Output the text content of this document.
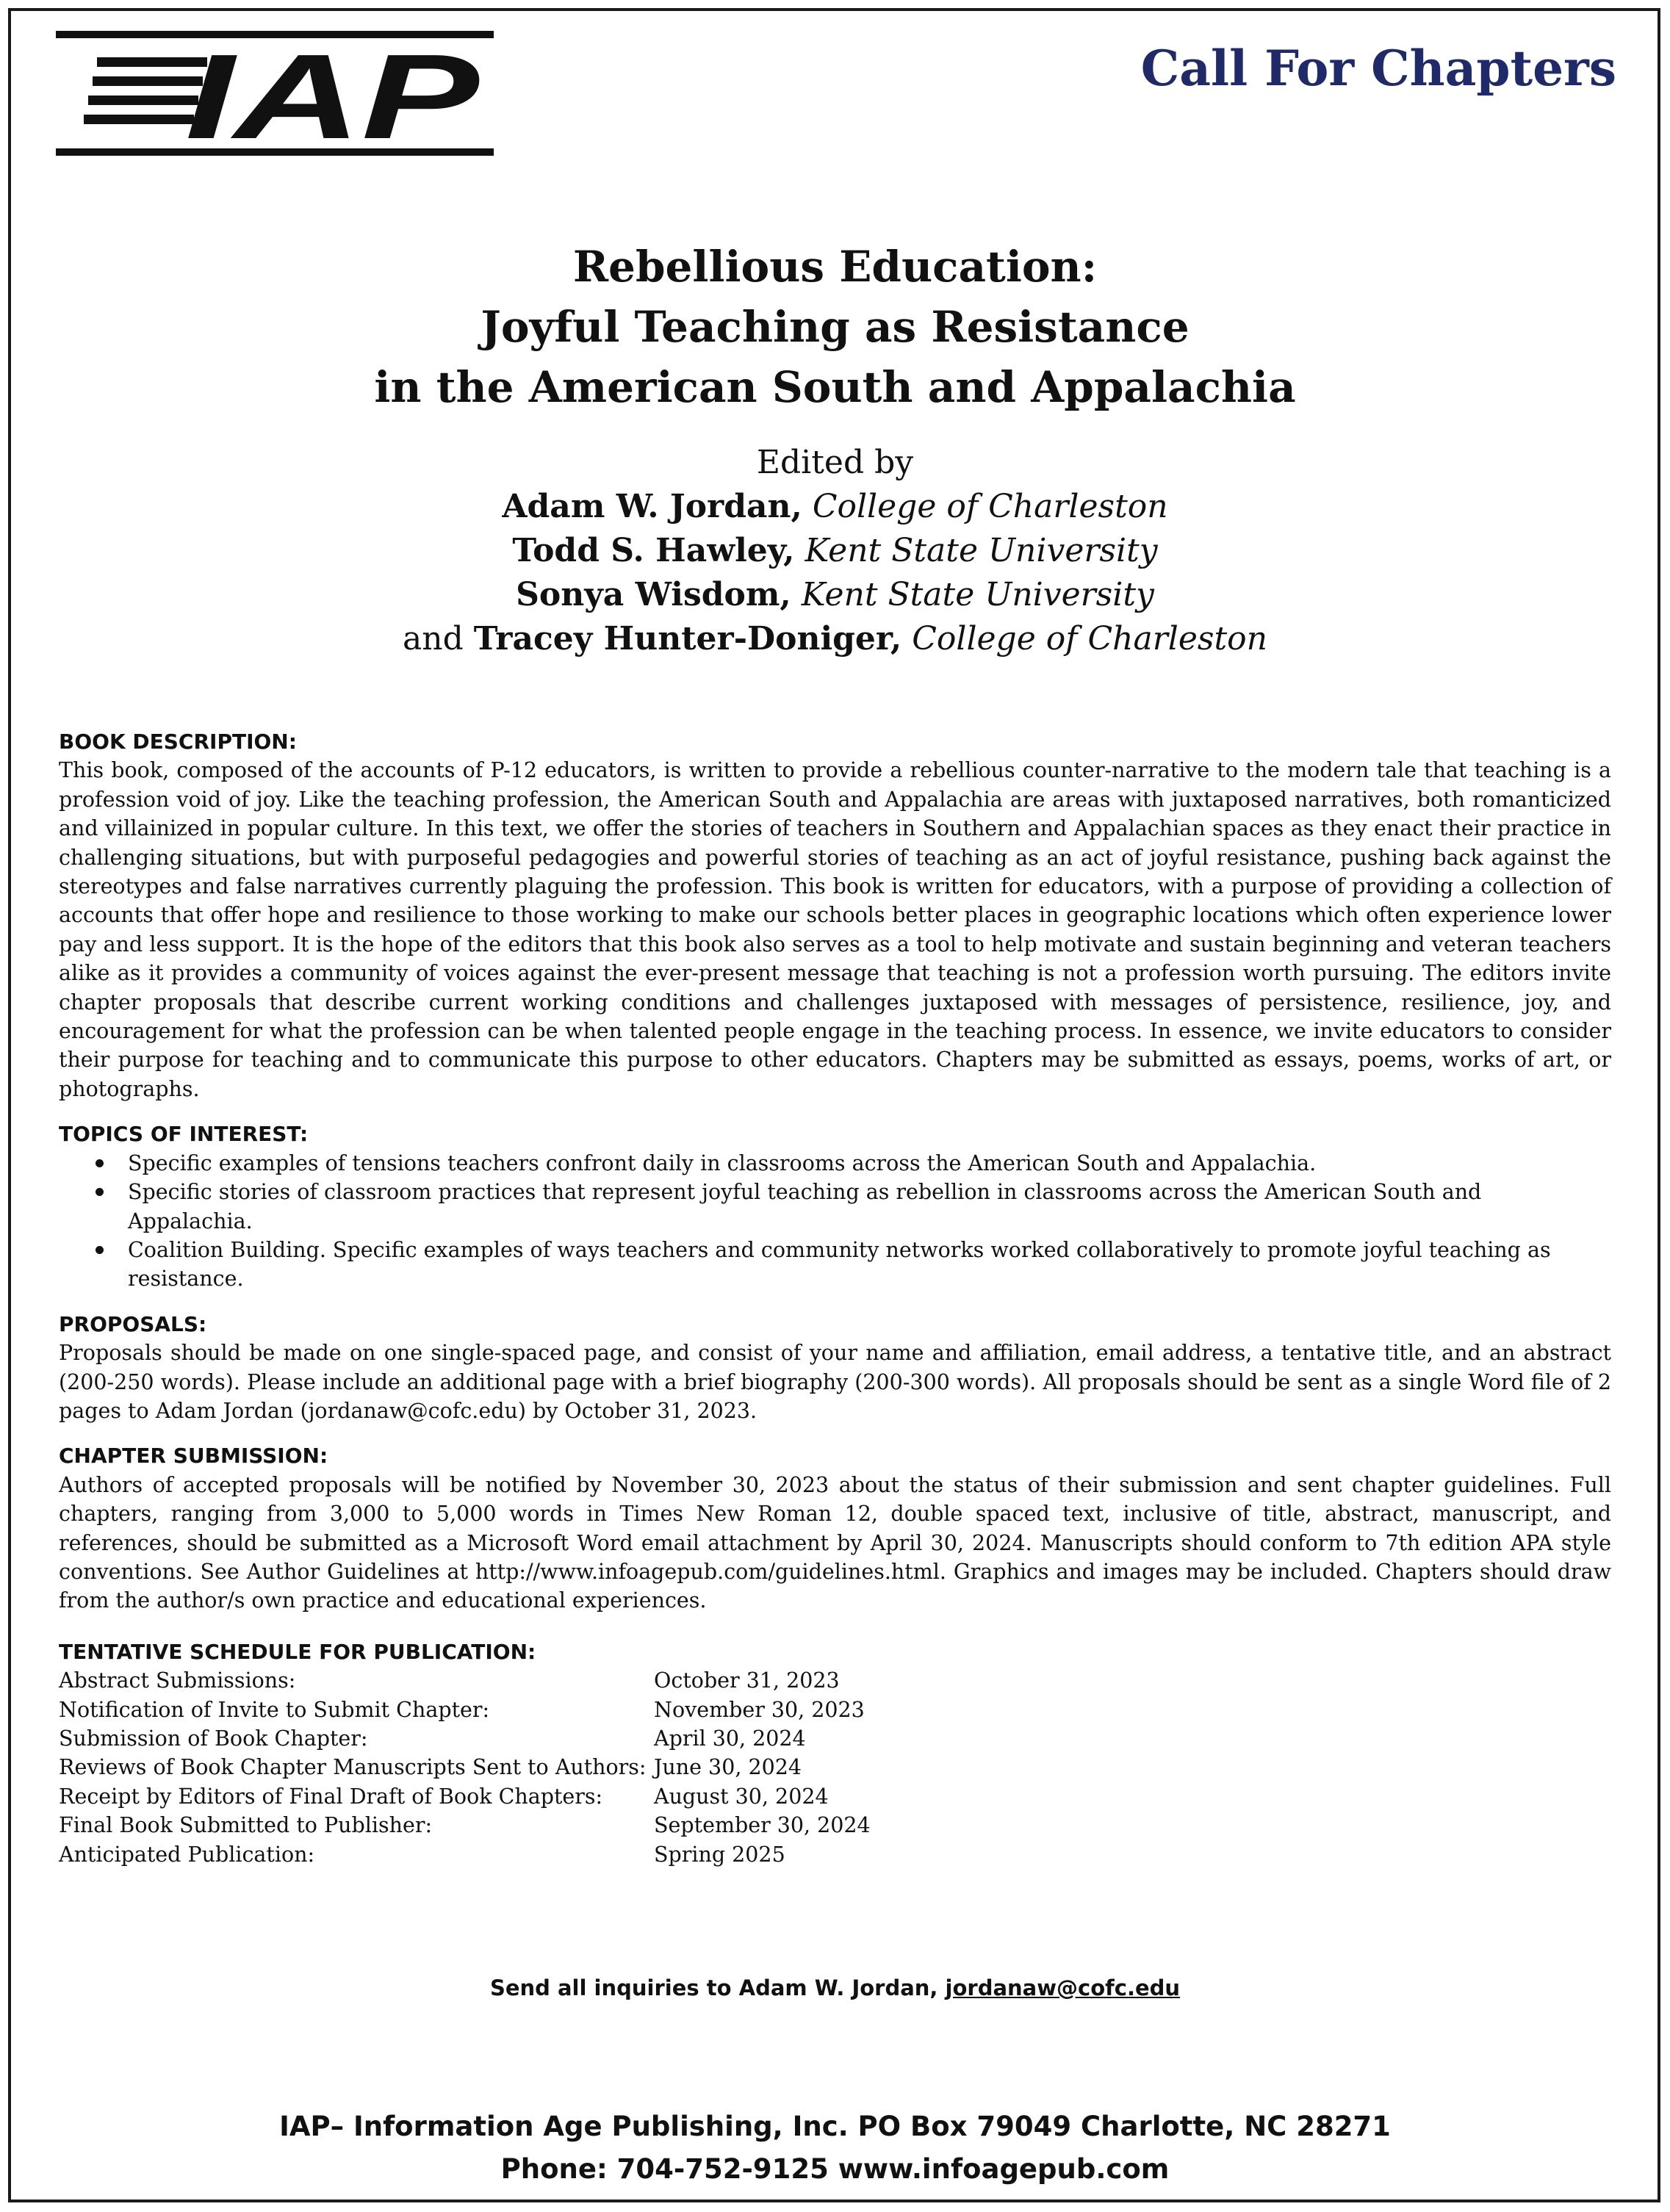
IAP	Call For Chapters
Rebellious Education:
Joyful Teaching as Resistance
in the American South and Appalachia
Edited by
Adam W. Jordan, College of Charleston
Todd S. Hawley, Kent State University
Sonya Wisdom, Kent State University
and Tracey Hunter-Doniger, College of Charleston
BOOK DESCRIPTION:
This book, composed of the accounts of P-12 educators, is written to provide a rebellious counter-narrative to the modern tale that teaching is a profession void of joy. Like the teaching profession, the American South and Appalachia are areas with juxtaposed narratives, both romanticized and villainized in popular culture. In this text, we offer the stories of teachers in Southern and Appalachian spaces as they enact their practice in challenging situations, but with purposeful pedagogies and powerful stories of teaching as an act of joyful resistance, pushing back against the stereotypes and false narratives currently plaguing the profession. This book is written for educators, with a purpose of providing a collection of accounts that offer hope and resilience to those working to make our schools better places in geographic locations which often experience lower pay and less support. It is the hope of the editors that this book also serves as a tool to help motivate and sustain beginning and veteran teachers alike as it provides a community of voices against the ever-present message that teaching is not a profession worth pursuing. The editors invite chapter proposals that describe current working conditions and challenges juxtaposed with messages of persistence, resilience, joy, and encouragement for what the profession can be when talented people engage in the teaching process. In essence, we invite educators to consider their purpose for teaching and to communicate this purpose to other educators. Chapters may be submitted as essays, poems, works of art, or photographs.
TOPICS OF INTEREST:
Specific examples of tensions teachers confront daily in classrooms across the American South and Appalachia.
Specific stories of classroom practices that represent joyful teaching as rebellion in classrooms across the American South and Appalachia.
Coalition Building. Specific examples of ways teachers and community networks worked collaboratively to promote joyful teaching as resistance.
PROPOSALS:
Proposals should be made on one single-spaced page, and consist of your name and affiliation, email address, a tentative title, and an abstract (200-250 words). Please include an additional page with a brief biography (200-300 words). All proposals should be sent as a single Word file of 2 pages to Adam Jordan (jordanaw@cofc.edu) by October 31, 2023.
CHAPTER SUBMISSION:
Authors of accepted proposals will be notified by November 30, 2023 about the status of their submission and sent chapter guidelines. Full chapters, ranging from 3,000 to 5,000 words in Times New Roman 12, double spaced text, inclusive of title, abstract, manuscript, and references, should be submitted as a Microsoft Word email attachment by April 30, 2024. Manuscripts should conform to 7th edition APA style conventions. See Author Guidelines at http://www.infoagepub.com/guidelines.html. Graphics and images may be included. Chapters should draw from the author/s own practice and educational experiences.
TENTATIVE SCHEDULE FOR PUBLICATION:
Abstract Submissions:	October 31, 2023
Notification of Invite to Submit Chapter:	November 30, 2023
Submission of Book Chapter:	April 30, 2024
Reviews of Book Chapter Manuscripts Sent to Authors: June 30, 2024
Receipt by Editors of Final Draft of Book Chapters:	August 30, 2024
Final Book Submitted to Publisher:	September 30, 2024
Anticipated Publication:	Spring 2025
Send all inquiries to Adam W. Jordan, jordanaw@cofc.edu
IAP– Information Age Publishing, Inc. PO Box 79049 Charlotte, NC 28271
Phone: 704-752-9125 www.infoagepub.com
